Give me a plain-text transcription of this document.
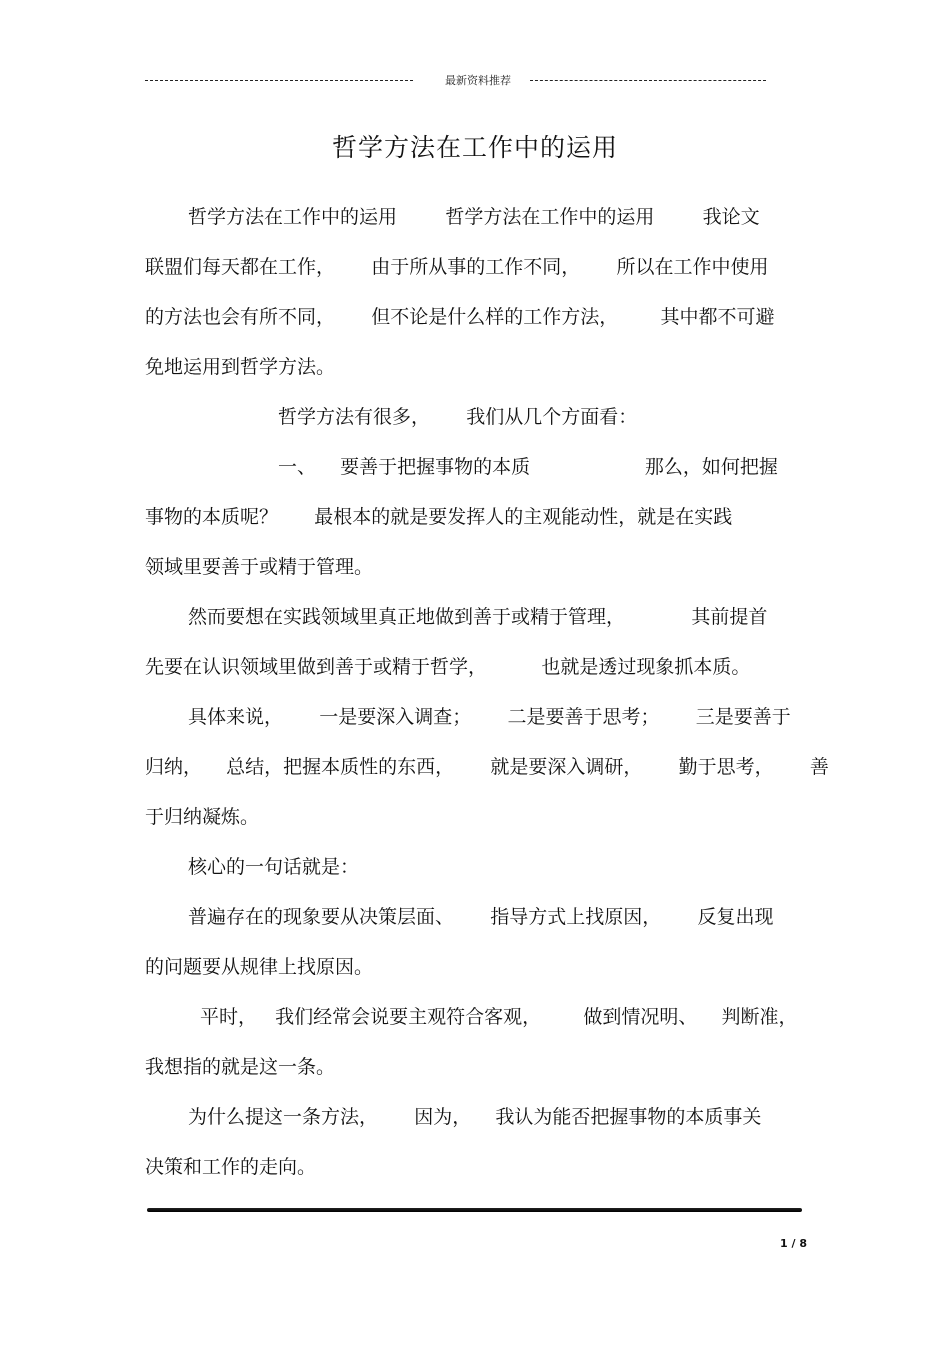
最新资料推荐
哲学方法在工作中的运用
哲学方法在工作中的运用        哲学方法在工作中的运用        我论文
联盟们每天都在工作，      由于所从事的工作不同，      所以在工作中使用
的方法也会有所不同，      但不论是什么样的工作方法，       其中都不可避
免地运用到哲学方法。
哲学方法有很多，      我们从几个方面看：
一、    要善于把握事物的本质                   那么，如何把握
事物的本质呢？      最根本的就是要发挥人的主观能动性，就是在实践
领域里要善于或精于管理。
然而要想在实践领域里真正地做到善于或精于管理，           其前提首
先要在认识领域里做到善于或精于哲学，         也就是透过现象抓本质。
具体来说，      一是要深入调查；      二是要善于思考；      三是要善于
归纳，    总结，把握本质性的东西，      就是要深入调研，      勤于思考，      善
于归纳凝炼。
核心的一句话就是：
普遍存在的现象要从决策层面、      指导方式上找原因，      反复出现
的问题要从规律上找原因。
平时，   我们经常会说要主观符合客观，       做到情况明、    判断准，
我想指的就是这一条。
为什么提这一条方法，      因为，    我认为能否把握事物的本质事关
决策和工作的走向。
1 / 8
